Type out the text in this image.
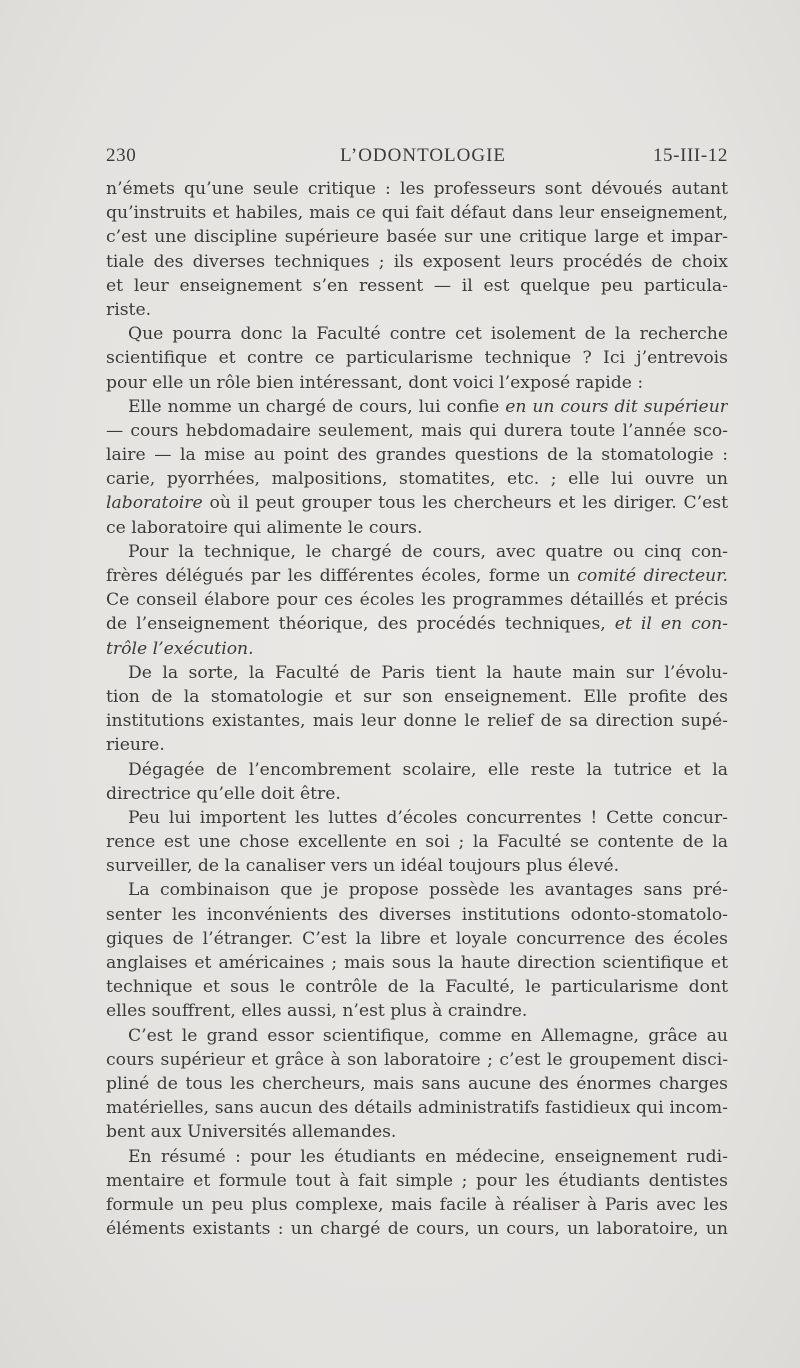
230	L’ODONTOLOGIE	15-III-12
n’émets qu’une seule critique : les professeurs sont dévoués autant
qu’instruits et habiles, mais ce qui fait défaut dans leur enseignement,
c’est une discipline supérieure basée sur une critique large et impar-
tiale des diverses techniques ; ils exposent leurs procédés de choix
et leur enseignement s’en ressent — il est quelque peu particula-
riste.
Que pourra donc la Faculté contre cet isolement de la recherche
scientifique et contre ce particularisme technique ? Ici j’entrevois
pour elle un rôle bien intéressant, dont voici l’exposé rapide :
Elle nomme un chargé de cours, lui confie en un cours dit supérieur
— cours hebdomadaire seulement, mais qui durera toute l’année sco-
laire — la mise au point des grandes questions de la stomatologie :
carie, pyorrhées, malpositions, stomatites, etc. ; elle lui ouvre un
laboratoire où il peut grouper tous les chercheurs et les diriger. C’est
ce laboratoire qui alimente le cours.
Pour la technique, le chargé de cours, avec quatre ou cinq con-
frères délégués par les différentes écoles, forme un comité directeur.
Ce conseil élabore pour ces écoles les programmes détaillés et précis
de l’enseignement théorique, des procédés techniques, et il en con-
trôle l’exécution.
De la sorte, la Faculté de Paris tient la haute main sur l’évolu-
tion de la stomatologie et sur son enseignement. Elle profite des
institutions existantes, mais leur donne le relief de sa direction supé-
rieure.
Dégagée de l’encombrement scolaire, elle reste la tutrice et la
directrice qu’elle doit être.
Peu lui importent les luttes d’écoles concurrentes ! Cette concur-
rence est une chose excellente en soi ; la Faculté se contente de la
surveiller, de la canaliser vers un idéal toujours plus élevé.
La combinaison que je propose possède les avantages sans pré-
senter les inconvénients des diverses institutions odonto-stomatolo-
giques de l’étranger. C’est la libre et loyale concurrence des écoles
anglaises et américaines ; mais sous la haute direction scientifique et
technique et sous le contrôle de la Faculté, le particularisme dont
elles souffrent, elles aussi, n’est plus à craindre.
C’est le grand essor scientifique, comme en Allemagne, grâce au
cours supérieur et grâce à son laboratoire ; c’est le groupement disci-
pliné de tous les chercheurs, mais sans aucune des énormes charges
matérielles, sans aucun des détails administratifs fastidieux qui incom-
bent aux Universités allemandes.
En résumé : pour les étudiants en médecine, enseignement rudi-
mentaire et formule tout à fait simple ; pour les étudiants dentistes
formule un peu plus complexe, mais facile à réaliser à Paris avec les
éléments existants : un chargé de cours, un cours, un laboratoire, un
